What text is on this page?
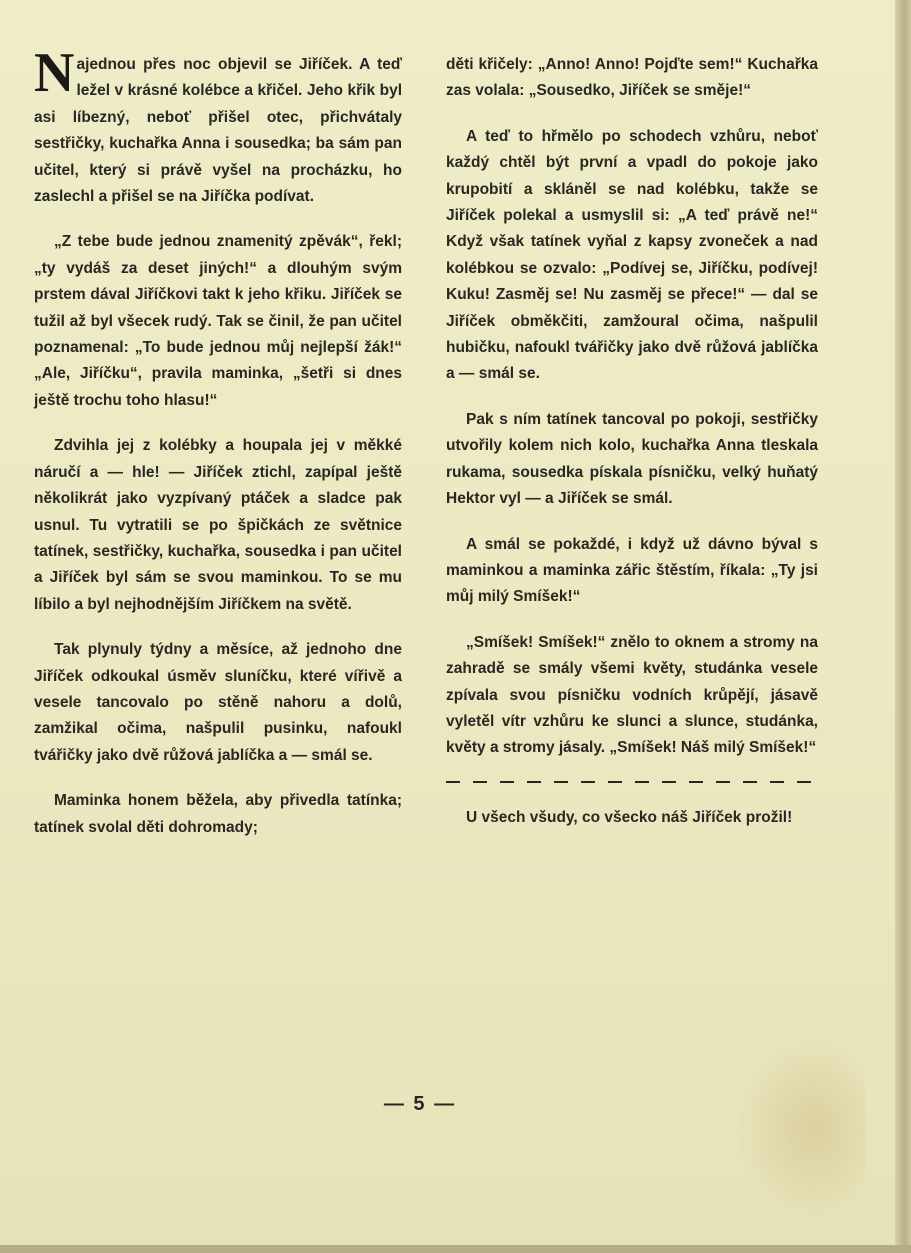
Najednou přes noc objevil se Jiříček. A teď ležel v krásné kolébce a křičel. Jeho křik byl asi líbezný, neboť přišel otec, přichvátaly sestřičky, kuchařka Anna i sousedka; ba sám pan učitel, který si právě vyšel na procházku, ho zaslechl a přišel se na Jiříčka podívat.

„Z tebe bude jednou znamenitý zpěvák“, řekl; „ty vydáš za deset jiných!“ a dlouhým svým prstem dával Jiříčkovi takt k jeho křiku. Jiříček se tužil až byl všecek rudý. Tak se činil, že pan učitel poznamenal: „To bude jednou můj nejlepší žák!“ „Ale, Jiříčku“, pravila maminka, „šetři si dnes ještě trochu toho hlasu!“

Zdvihla jej z kolébky a houpala jej v měkké náručí a — hle! — Jiříček ztichl, zapípal ještě několikrát jako vyzpívaný ptáček a sladce pak usnul. Tu vytratili se po špičkách ze světnice tatínek, sestřičky, kuchařka, sousedka i pan učitel a Jiříček byl sám se svou maminkou. To se mu líbilo a byl nejhodnějším Jiříčkem na světě.

Tak plynuly týdny a měsíce, až jednoho dne Jiříček odkoukal úsměv sluníčku, které vířivě a vesele tancovalo po stěně nahoru a dolů, zamžikal očima, našpulil pusinku, nafoukl tvářičky jako dvě růžová jablíčka a — smál se.

Maminka honem běžela, aby přivedla tatínka; tatínek svolal děti dohromady;

děti křičely: „Anno! Anno! Pojďte sem!“ Kuchařka zas volala: „Sousedko, Jiříček se směje!“

A teď to hřmělo po schodech vzhůru, neboť každý chtěl být první a vpadl do pokoje jako krupobití a skláněl se nad kolébku, takže se Jiříček polekal a usmyslil si: „A teď právě ne!“ Když však tatínek vyňal z kapsy zvoneček a nad kolébkou se ozvalo: „Podívej se, Jiříčku, podívej! Kuku! Zasměj se! Nu zasměj se přece!“ — dal se Jiříček obměkčiti, zamžoural očima, našpulil hubičku, nafoukl tvářičky jako dvě růžová jablíčka a — smál se.

Pak s ním tatínek tancoval po pokoji, sestřičky utvořily kolem nich kolo, kuchařka Anna tleskala rukama, sousedka pískala písničku, velký huňatý Hektor vyl — a Jiříček se smál.

A smál se pokaždé, i když už dávno býval s maminkou a maminka zářic štěstím, říkala: „Ty jsi můj milý Smíšek!“

„Smíšek! Smíšek!“ znělo to oknem a stromy na zahradě se smály všemi květy, studánka vesele zpívala svou písničku vodních krůpějí, jásavě vyletěl vítr vzhůru ke slunci a slunce, studánka, květy a stromy jásaly. „Smíšek! Náš milý Smíšek!“

U všech všudy, co všecko náš Jiříček prožil!

— 5 —
